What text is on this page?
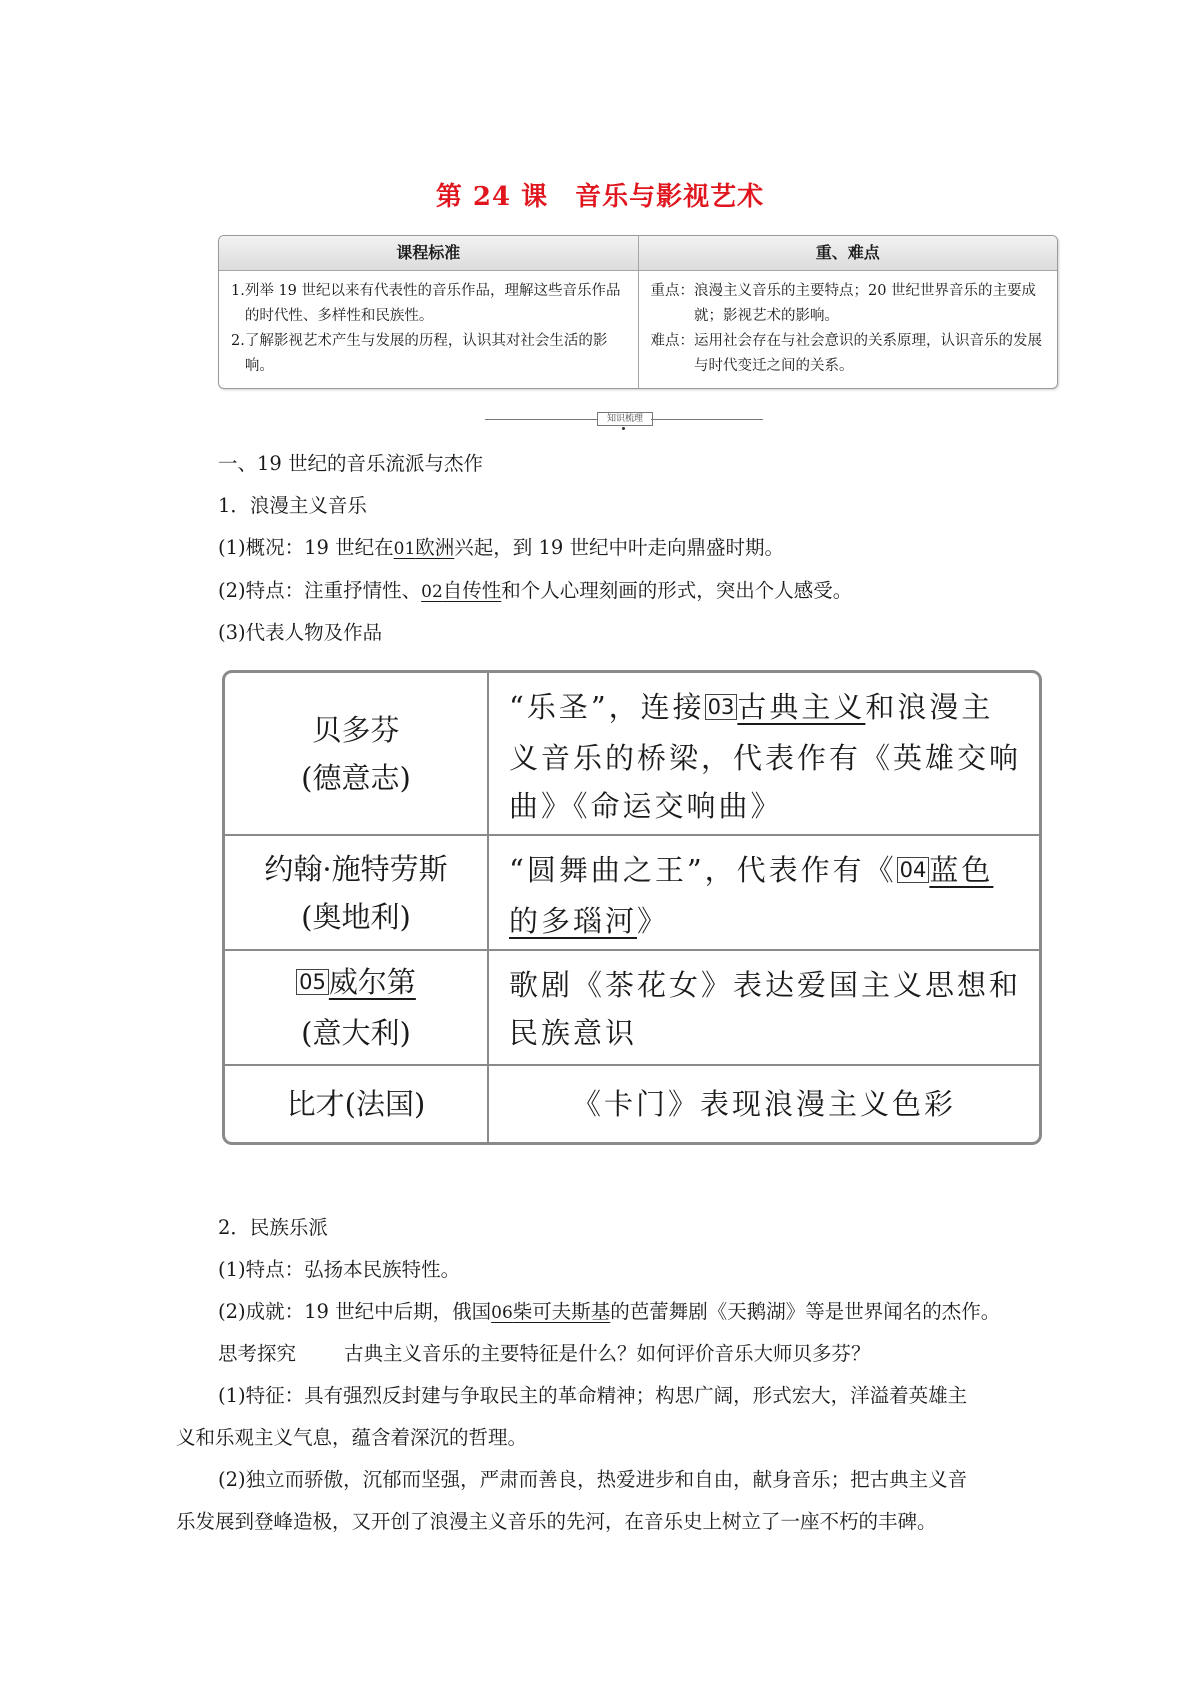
第 24 课　音乐与影视艺术
课程标准	重、难点
1. 列举 19 世纪以来有代表性的音乐作品，理解这些音乐作品的时代性、多样性和民族性。
2. 了解影视艺术产生与发展的历程，认识其对社会生活的影响。
重点： 浪漫主义音乐的主要特点；20 世纪世界音乐的主要成就；影视艺术的影响。
难点： 运用社会存在与社会意识的关系原理，认识音乐的发展与时代变迁之间的关系。
知识梳理
一、19 世纪的音乐流派与杰作
1．浪漫主义音乐
(1)概况：19 世纪在01欧洲兴起，到 19 世纪中叶走向鼎盛时期。
(2)特点：注重抒情性、02自传性和个人心理刻画的形式，突出个人感受。
(3)代表人物及作品
贝多芬
(德意志)
“乐圣”，连接 03 古典主义和浪漫主义音乐的桥梁，代表作有《英雄交响曲》《命运交响曲》
约翰·施特劳斯
(奥地利)
“圆舞曲之王”，代表作有《 04 蓝色的多瑙河》
05 威尔第
(意大利)
歌剧《茶花女》表达爱国主义思想和民族意识
比才(法国)	《卡门》表现浪漫主义色彩
2．民族乐派
(1)特点：弘扬本民族特性。
(2)成就：19 世纪中后期，俄国06柴可夫斯基的芭蕾舞剧《天鹅湖》等是世界闻名的杰作。
思考探究 古典主义音乐的主要特征是什么？如何评价音乐大师贝多芬？
(1)特征：具有强烈反封建与争取民主的革命精神；构思广阔，形式宏大，洋溢着英雄主
义和乐观主义气息，蕴含着深沉的哲理。
(2)独立而骄傲，沉郁而坚强，严肃而善良，热爱进步和自由，献身音乐；把古典主义音
乐发展到登峰造极，又开创了浪漫主义音乐的先河，在音乐史上树立了一座不朽的丰碑。
